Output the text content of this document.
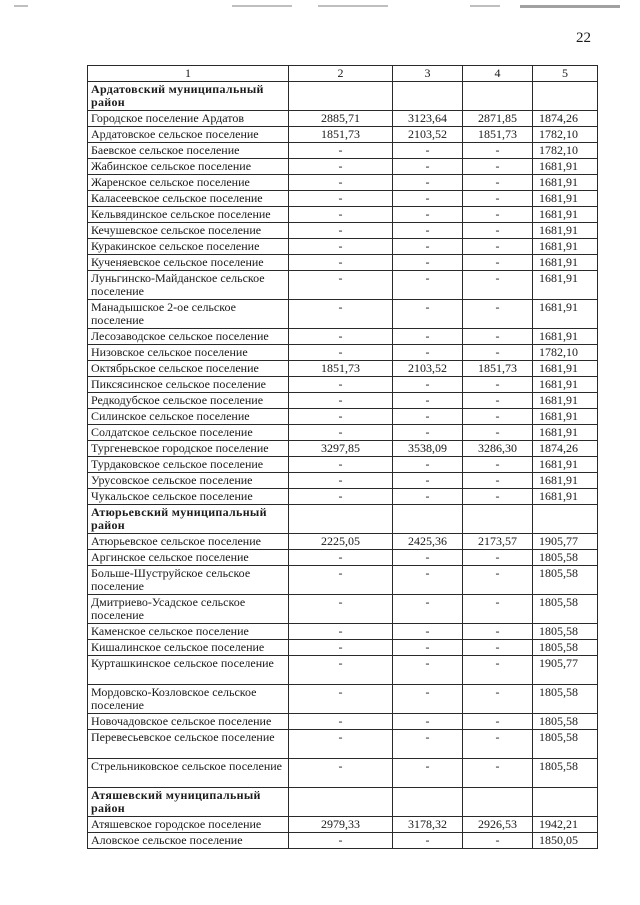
22
1	2	3	4	5
Ардатовский муниципальный район				
Городское поселение Ардатов	2885,71	3123,64	2871,85	1874,26
Ардатовское сельское поселение	1851,73	2103,52	1851,73	1782,10
Баевское сельское поселение	-	-	-	1782,10
Жабинское сельское поселение	-	-	-	1681,91
Жаренское сельское поселение	-	-	-	1681,91
Каласеевское сельское поселение	-	-	-	1681,91
Кельвядинское сельское поселение	-	-	-	1681,91
Кечушевское сельское поселение	-	-	-	1681,91
Куракинское сельское поселение	-	-	-	1681,91
Кученяевское сельское поселение	-	-	-	1681,91
Луньгинско-Майданское сельское поселение	-	-	-	1681,91
Манадышское 2-ое сельское поселение	-	-	-	1681,91
Лесозаводское сельское поселение	-	-	-	1681,91
Низовское сельское поселение	-	-	-	1782,10
Октябрьское сельское поселение	1851,73	2103,52	1851,73	1681,91
Пиксясинское сельское поселение	-	-	-	1681,91
Редкодубское сельское поселение	-	-	-	1681,91
Силинское сельское поселение	-	-	-	1681,91
Солдатское сельское поселение	-	-	-	1681,91
Тургеневское городское поселение	3297,85	3538,09	3286,30	1874,26
Турдаковское сельское поселение	-	-	-	1681,91
Урусовское сельское поселение	-	-	-	1681,91
Чукальское сельское поселение	-	-	-	1681,91
Атюрьевский муниципальный район				
Атюрьевское сельское поселение	2225,05	2425,36	2173,57	1905,77
Аргинское сельское поселение	-	-	-	1805,58
Больше-Шуструйское сельское поселение	-	-	-	1805,58
Дмитриево-Усадское сельское поселение	-	-	-	1805,58
Каменское сельское поселение	-	-	-	1805,58
Кишалинское сельское поселение	-	-	-	1805,58
Курташкинское сельское поселение	-	-	-	1905,77
Мордовско-Козловское сельское поселение	-	-	-	1805,58
Новочадовское сельское поселение	-	-	-	1805,58
Перевесьевское сельское поселение	-	-	-	1805,58
Стрельниковское сельское поселение	-	-	-	1805,58
Атяшевский муниципальный район				
Атяшевское городское поселение	2979,33	3178,32	2926,53	1942,21
Аловское сельское поселение	-	-	-	1850,05
